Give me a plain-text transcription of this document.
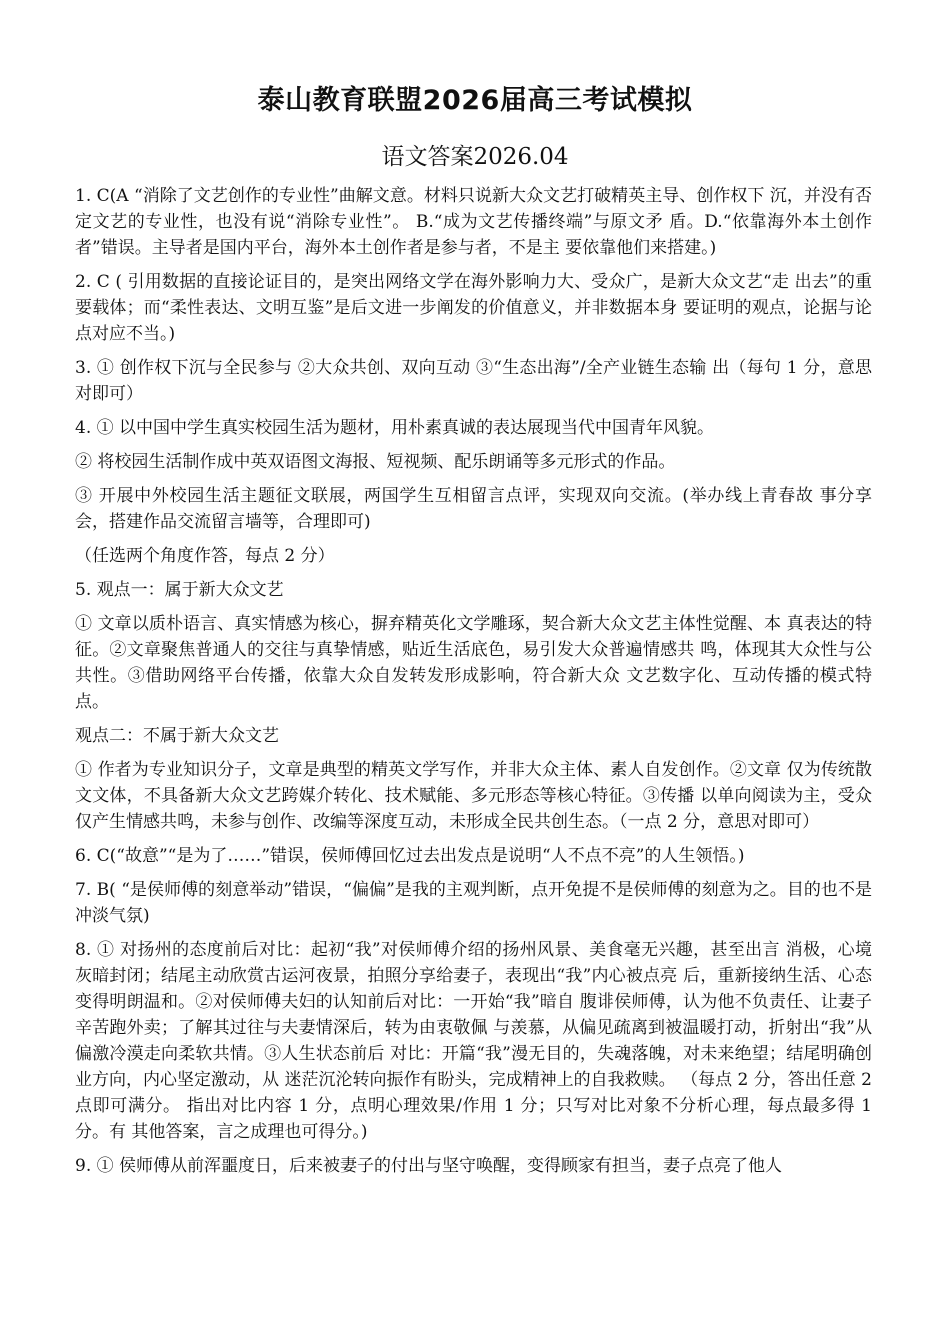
泰山教育联盟2026届高三考试模拟
语文答案2026.04

1. C(A “消除了文艺创作的专业性”曲解文意。材料只说新大众文艺打破精英主导、创作权下 沉，并没有否定文艺的专业性，也没有说“消除专业性”。 B.“成为文艺传播终端”与原文矛 盾。D.“依靠海外本土创作者”错误。主导者是国内平台，海外本土创作者是参与者，不是主 要依靠他们来搭建。)

2. C ( 引用数据的直接论证目的，是突出网络文学在海外影响力大、受众广，是新大众文艺“走 出去”的重要载体；而“柔性表达、文明互鉴”是后文进一步阐发的价值意义，并非数据本身 要证明的观点，论据与论点对应不当。)

3. ① 创作权下沉与全民参与 ②大众共创、双向互动 ③“生态出海”/全产业链生态输 出（每句 1 分，意思对即可）

4. ① 以中国中学生真实校园生活为题材，用朴素真诚的表达展现当代中国青年风貌。

② 将校园生活制作成中英双语图文海报、短视频、配乐朗诵等多元形式的作品。

③ 开展中外校园生活主题征文联展，两国学生互相留言点评，实现双向交流。(举办线上青春故 事分享会，搭建作品交流留言墙等，合理即可)

（任选两个角度作答，每点 2 分）

5. 观点一：属于新大众文艺

① 文章以质朴语言、真实情感为核心，摒弃精英化文学雕琢，契合新大众文艺主体性觉醒、本 真表达的特征。②文章聚焦普通人的交往与真挚情感，贴近生活底色，易引发大众普遍情感共 鸣，体现其大众性与公共性。③借助网络平台传播，依靠大众自发转发形成影响，符合新大众 文艺数字化、互动传播的模式特点。

观点二：不属于新大众文艺

① 作者为专业知识分子，文章是典型的精英文学写作，并非大众主体、素人自发创作。②文章 仅为传统散文文体，不具备新大众文艺跨媒介转化、技术赋能、多元形态等核心特征。③传播 以单向阅读为主，受众仅产生情感共鸣，未参与创作、改编等深度互动，未形成全民共创生态。（一点 2 分，意思对即可）

6. C(“故意”“是为了……”错误，侯师傅回忆过去出发点是说明“人不点不亮”的人生领悟。)

7. B( “是侯师傅的刻意举动”错误，“偏偏”是我的主观判断，点开免提不是侯师傅的刻意为之。目的也不是冲淡气氛)

8. ① 对扬州的态度前后对比：起初“我”对侯师傅介绍的扬州风景、美食毫无兴趣，甚至出言 消极，心境灰暗封闭；结尾主动欣赏古运河夜景，拍照分享给妻子，表现出“我”内心被点亮 后，重新接纳生活、心态变得明朗温和。②对侯师傅夫妇的认知前后对比：一开始“我”暗自 腹诽侯师傅，认为他不负责任、让妻子辛苦跑外卖；了解其过往与夫妻情深后，转为由衷敬佩 与羡慕，从偏见疏离到被温暖打动，折射出“我”从偏激冷漠走向柔软共情。③人生状态前后 对比：开篇“我”漫无目的，失魂落魄，对未来绝望；结尾明确创业方向，内心坚定激动，从 迷茫沉沦转向振作有盼头，完成精神上的自我救赎。 （每点 2 分，答出任意 2 点即可满分。 指出对比内容 1 分，点明心理效果/作用 1 分；只写对比对象不分析心理，每点最多得 1 分。有 其他答案，言之成理也可得分。)

9. ① 侯师傅从前浑噩度日，后来被妻子的付出与坚守唤醒，变得顾家有担当，妻子点亮了他人
